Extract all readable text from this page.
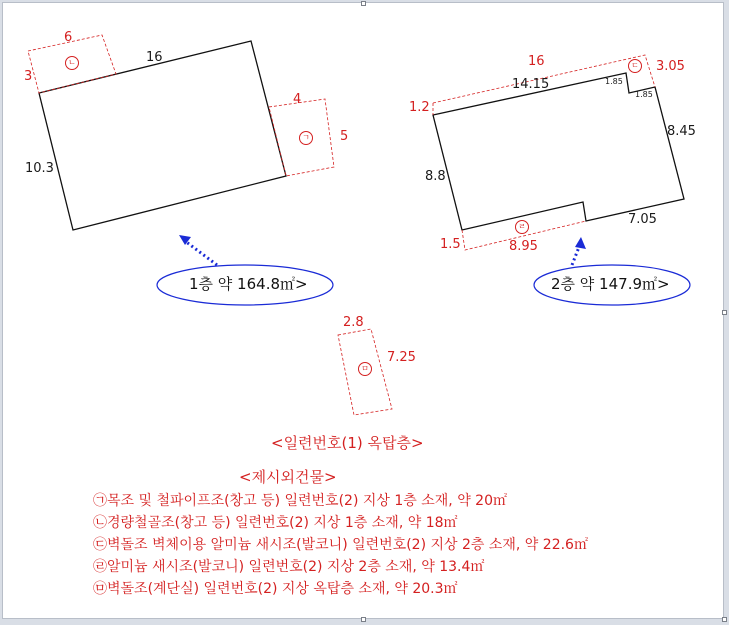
6
3
ㄴ	16
10.3
4
5
ㄱ
16
14.15
1.2
8.8
8.45
7.05
8.95
1.5
1.85
1.85
3.05
ㄷ
ㄹ
2.8
7.25
ㅁ
1층 약 164.8㎡>	2층 약 147.9㎡>
<일련번호(1) 옥탑층>
<제시외건물>
㉠목조 및 철파이프조(창고 등) 일련번호(2) 지상 1층 소재, 약 20㎡
㉡경량철골조(창고 등) 일련번호(2) 지상 1층 소재, 약 18㎡
㉢벽돌조 벽체이용 알미늄 새시조(발코니) 일련번호(2) 지상 2층 소재, 약 22.6㎡
㉣알미늄 새시조(발코니) 일련번호(2) 지상 2층 소재, 약 13.4㎡
㉤벽돌조(계단실) 일련번호(2) 지상 옥탑층 소재, 약 20.3㎡
